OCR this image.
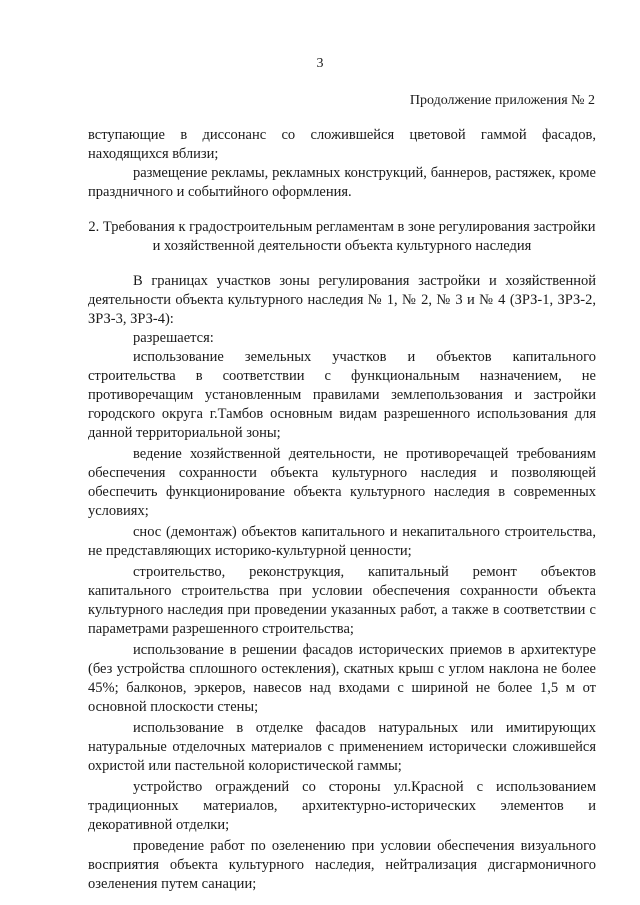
3
Продолжение приложения № 2

вступающие в диссонанс со сложившейся цветовой гаммой фасадов, находящихся вблизи;

размещение рекламы, рекламных конструкций, баннеров, растяжек, кроме праздничного и событийного оформления.

2. Требования к градостроительным регламентам в зоне регулирования застройки и хозяйственной деятельности объекта культурного наследия

В границах участков зоны регулирования застройки и хозяйственной деятельности объекта культурного наследия № 1, № 2, № 3 и № 4 (ЗРЗ-1, ЗРЗ-2, ЗРЗ-3, ЗРЗ-4):

разрешается:

использование земельных участков и объектов капитального строительства в соответствии с функциональным назначением, не противоречащим установленным правилами землепользования и застройки городского округа г.Тамбов основным видам разрешенного использования для данной территориальной зоны;

ведение хозяйственной деятельности, не противоречащей требованиям обеспечения сохранности объекта культурного наследия и позволяющей обеспечить функционирование объекта культурного наследия в современных условиях;

снос (демонтаж) объектов капитального и некапитального строительства, не представляющих историко-культурной ценности;

строительство, реконструкция, капитальный ремонт объектов капитального строительства при условии обеспечения сохранности объекта культурного наследия при проведении указанных работ, а также в соответствии с параметрами разрешенного строительства;

использование в решении фасадов исторических приемов в архитектуре (без устройства сплошного остекления), скатных крыш с углом наклона не более 45%; балконов, эркеров, навесов над входами с шириной не более 1,5 м от основной плоскости стены;

использование в отделке фасадов натуральных или имитирующих натуральные отделочных материалов с применением исторически сложившейся охристой или пастельной колористической гаммы;

устройство ограждений со стороны ул.Красной с использованием традиционных материалов, архитектурно-исторических элементов и декоративной отделки;

проведение работ по озеленению при условии обеспечения визуального восприятия объекта культурного наследия, нейтрализация дисгармоничного озеленения путем санации;
